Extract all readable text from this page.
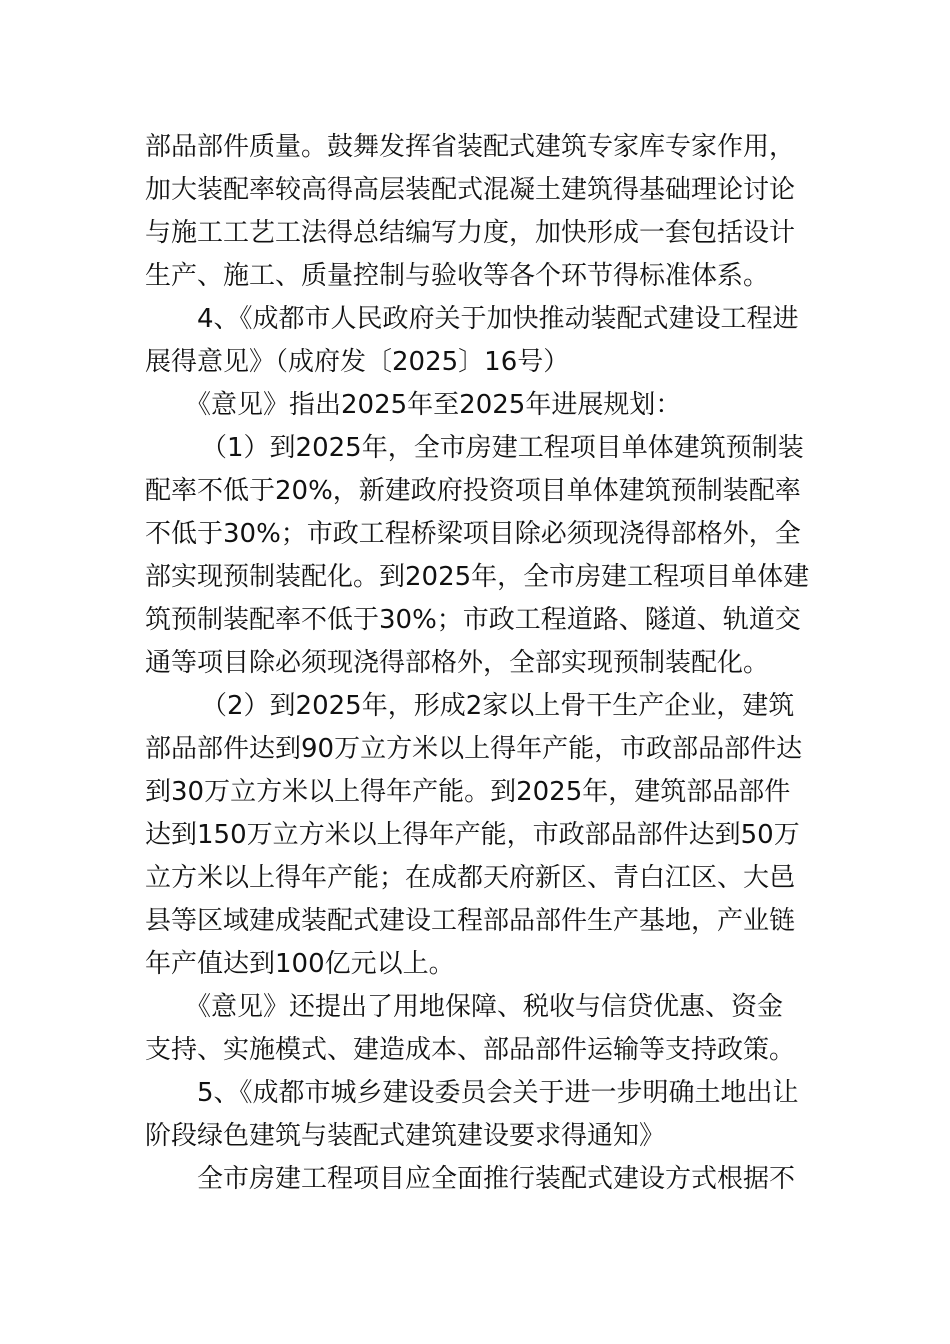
部品部件质量。鼓舞发挥省装配式建筑专家库专家作用，
加大装配率较高得高层装配式混凝土建筑得基础理论讨论
与施工工艺工法得总结编写力度，加快形成一套包括设计
生产、施工、质量控制与验收等各个环节得标准体系。
4、《成都市人民政府关于加快推动装配式建设工程进
展得意见》（成府发〔2025〕16号）
《意见》指出2025年至2025年进展规划：
（1）到2025年，全市房建工程项目单体建筑预制装
配率不低于20%，新建政府投资项目单体建筑预制装配率
不低于30%；市政工程桥梁项目除必须现浇得部格外，全
部实现预制装配化。到2025年，全市房建工程项目单体建
筑预制装配率不低于30%；市政工程道路、隧道、轨道交
通等项目除必须现浇得部格外，全部实现预制装配化。
（2）到2025年，形成2家以上骨干生产企业，建筑
部品部件达到90万立方米以上得年产能，市政部品部件达
到30万立方米以上得年产能。到2025年，建筑部品部件
达到150万立方米以上得年产能，市政部品部件达到50万
立方米以上得年产能；在成都天府新区、青白江区、大邑
县等区域建成装配式建设工程部品部件生产基地，产业链
年产值达到100亿元以上。
《意见》还提出了用地保障、税收与信贷优惠、资金
支持、实施模式、建造成本、部品部件运输等支持政策。
5、《成都市城乡建设委员会关于进一步明确土地出让
阶段绿色建筑与装配式建筑建设要求得通知》
全市房建工程项目应全面推行装配式建设方式根据不
